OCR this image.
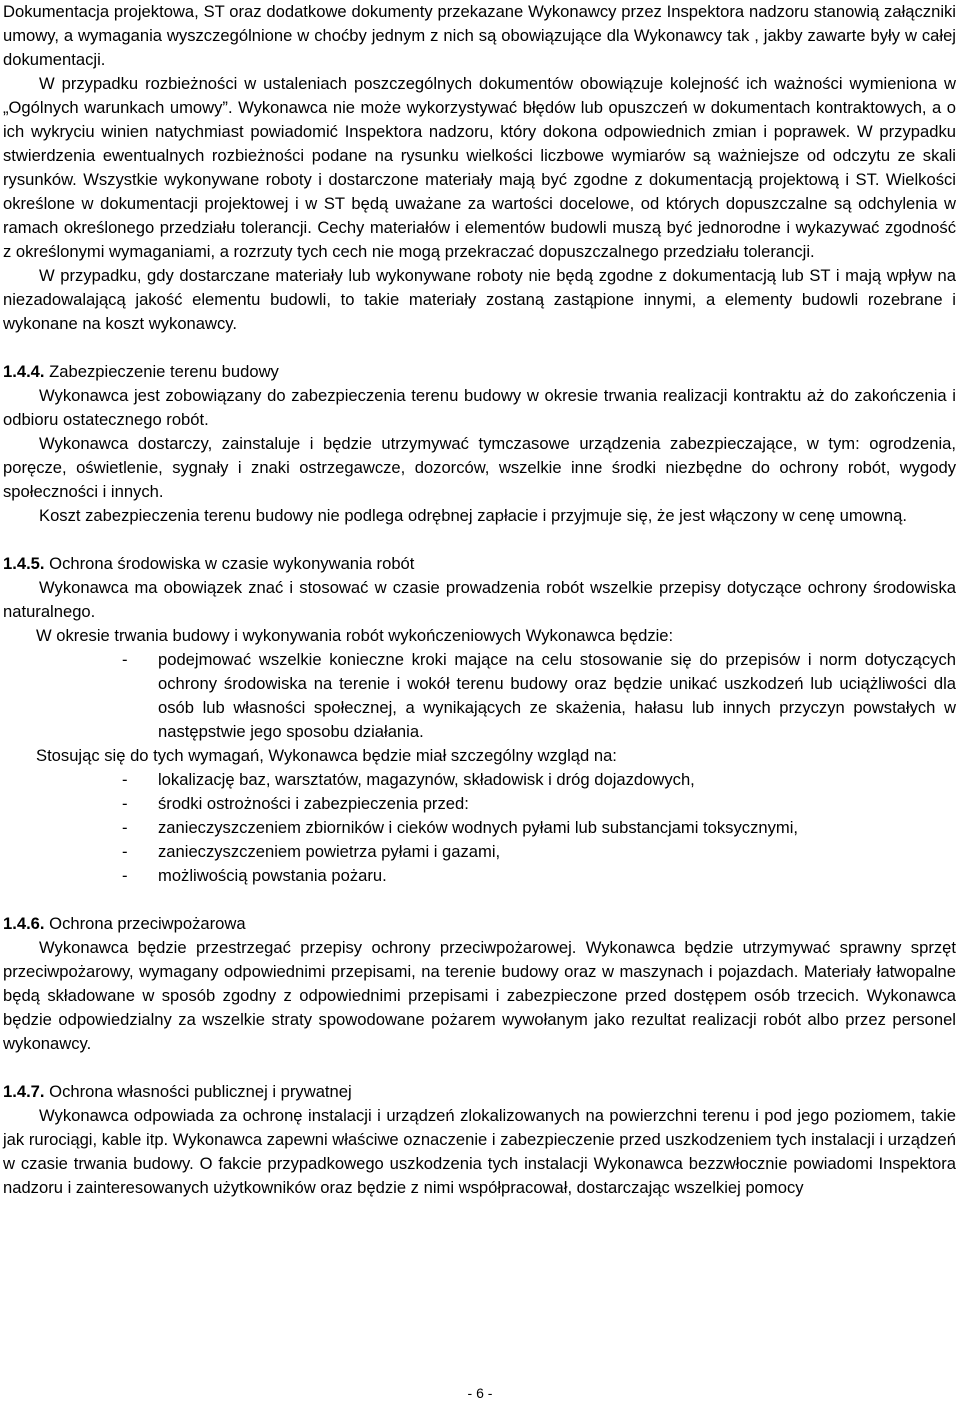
Dokumentacja projektowa, ST oraz dodatkowe dokumenty przekazane Wykonawcy przez Inspektora nadzoru stanowią załączniki umowy, a wymagania wyszczególnione w choćby jednym z nich są obowiązujące dla Wykonawcy tak , jakby zawarte były w całej dokumentacji.

W przypadku rozbieżności w ustaleniach poszczególnych dokumentów obowiązuje kolejność ich ważności wymieniona w „Ogólnych warunkach umowy”. Wykonawca nie może wykorzystywać błędów lub opuszczeń w dokumentach kontraktowych, a o ich wykryciu winien natychmiast powiadomić Inspektora nadzoru, który dokona odpowiednich zmian i poprawek. W przypadku stwierdzenia ewentualnych rozbieżności podane na rysunku wielkości liczbowe wymiarów są ważniejsze od odczytu ze skali rysunków. Wszystkie wykonywane roboty i dostarczone materiały mają być zgodne z dokumentacją projektową i ST. Wielkości określone w dokumentacji projektowej i w ST będą uważane za wartości docelowe, od których dopuszczalne są odchylenia w ramach określonego przedziału tolerancji. Cechy materiałów i elementów budowli muszą być jednorodne i wykazywać zgodność z określonymi wymaganiami, a rozrzuty tych cech nie mogą przekraczać dopuszczalnego przedziału tolerancji.

W przypadku, gdy dostarczane materiały lub wykonywane roboty nie będą zgodne z dokumentacją lub ST i mają wpływ na niezadowalającą jakość elementu budowli, to takie materiały zostaną zastąpione innymi, a elementy budowli rozebrane i wykonane na koszt wykonawcy.

1.4.4. Zabezpieczenie terenu budowy

Wykonawca jest zobowiązany do zabezpieczenia terenu budowy w okresie trwania realizacji kontraktu aż do zakończenia i odbioru ostatecznego robót.

Wykonawca dostarczy, zainstaluje i będzie utrzymywać tymczasowe urządzenia zabezpieczające, w tym: ogrodzenia, poręcze, oświetlenie, sygnały i znaki ostrzegawcze, dozorców, wszelkie inne środki niezbędne do ochrony robót, wygody społeczności i innych.

Koszt zabezpieczenia terenu budowy nie podlega odrębnej zapłacie i przyjmuje się, że jest włączony w cenę umowną.

1.4.5. Ochrona środowiska w czasie wykonywania robót

Wykonawca ma obowiązek znać i stosować w czasie prowadzenia robót wszelkie przepisy dotyczące ochrony środowiska naturalnego.

W okresie trwania budowy i wykonywania robót wykończeniowych Wykonawca będzie:

- podejmować wszelkie konieczne kroki mające na celu stosowanie się do przepisów i norm dotyczących ochrony środowiska na terenie i wokół terenu budowy oraz będzie unikać uszkodzeń lub uciążliwości dla osób lub własności społecznej, a wynikających ze skażenia, hałasu lub innych przyczyn powstałych w następstwie jego sposobu działania.

Stosując się do tych wymagań, Wykonawca będzie miał szczególny wzgląd na:

- lokalizację baz, warsztatów, magazynów, składowisk i dróg dojazdowych,
- środki ostrożności i zabezpieczenia przed:
- zanieczyszczeniem zbiorników i cieków wodnych pyłami lub substancjami toksycznymi,
- zanieczyszczeniem powietrza pyłami i gazami,
- możliwością powstania pożaru.

1.4.6. Ochrona przeciwpożarowa

Wykonawca będzie przestrzegać przepisy ochrony przeciwpożarowej. Wykonawca będzie utrzymywać sprawny sprzęt przeciwpożarowy, wymagany odpowiednimi przepisami, na terenie budowy oraz w maszynach i pojazdach. Materiały łatwopalne będą składowane w sposób zgodny z odpowiednimi przepisami i zabezpieczone przed dostępem osób trzecich. Wykonawca będzie odpowiedzialny za wszelkie straty spowodowane pożarem wywołanym jako rezultat realizacji robót albo przez personel wykonawcy.

1.4.7. Ochrona własności publicznej i prywatnej

Wykonawca odpowiada za ochronę instalacji i urządzeń zlokalizowanych na powierzchni terenu i pod jego poziomem, takie jak rurociągi, kable itp. Wykonawca zapewni właściwe oznaczenie i zabezpieczenie przed uszkodzeniem tych instalacji i urządzeń w czasie trwania budowy. O fakcie przypadkowego uszkodzenia tych instalacji Wykonawca bezzwłocznie powiadomi Inspektora nadzoru i zainteresowanych użytkowników oraz będzie z nimi współpracował, dostarczając wszelkiej pomocy

- 6 -
